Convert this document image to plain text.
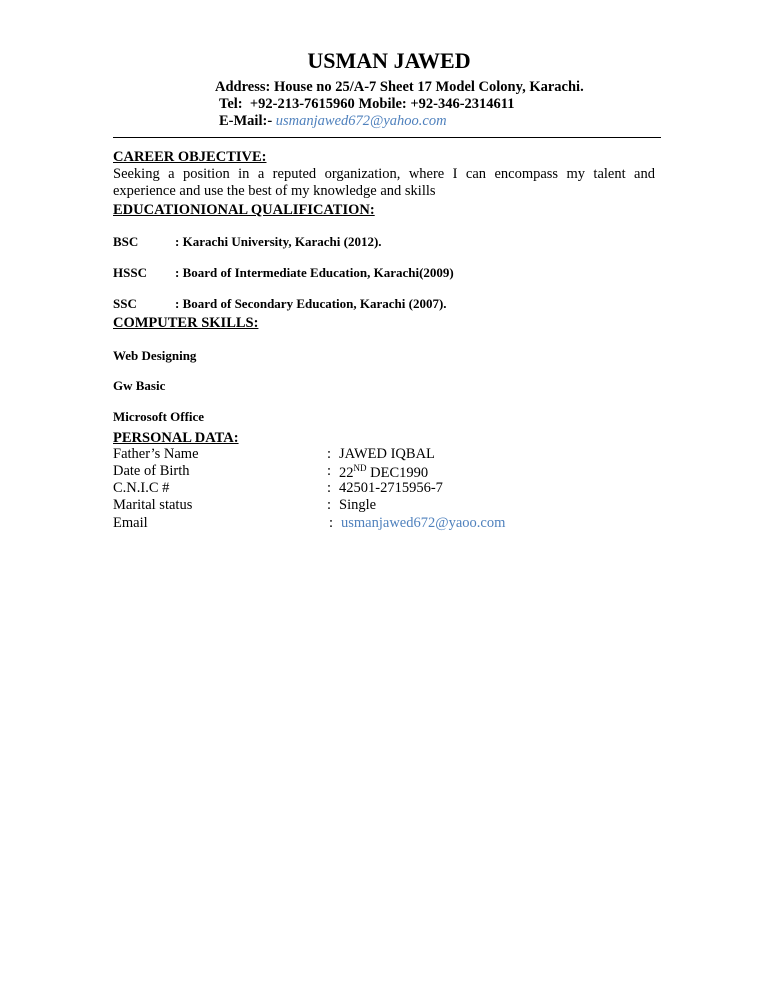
USMAN JAWED
Address: House no 25/A-7 Sheet 17 Model Colony, Karachi.
Tel: +92-213-7615960 Mobile: +92-346-2314611
E-Mail:- usmanjawed672@yahoo.com
CAREER OBJECTIVE:
Seeking a position in a reputed organization, where I can encompass my talent and experience and use the best of my knowledge and skills
EDUCATIONIONAL QUALIFICATION:
BSC	: Karachi University, Karachi (2012).
HSSC : Board of Intermediate Education, Karachi(2009)
SSC	: Board of Secondary Education, Karachi (2007).
COMPUTER SKILLS:
Web Designing
Gw Basic
Microsoft Office
PERSONAL DATA:
Father’s Name	: JAWED IQBAL
Date of Birth	: 22ND DEC1990
C.N.I.C #	: 42501-2715956-7
Marital status	: Single
Email	: usmanjawed672@yaoo.com
